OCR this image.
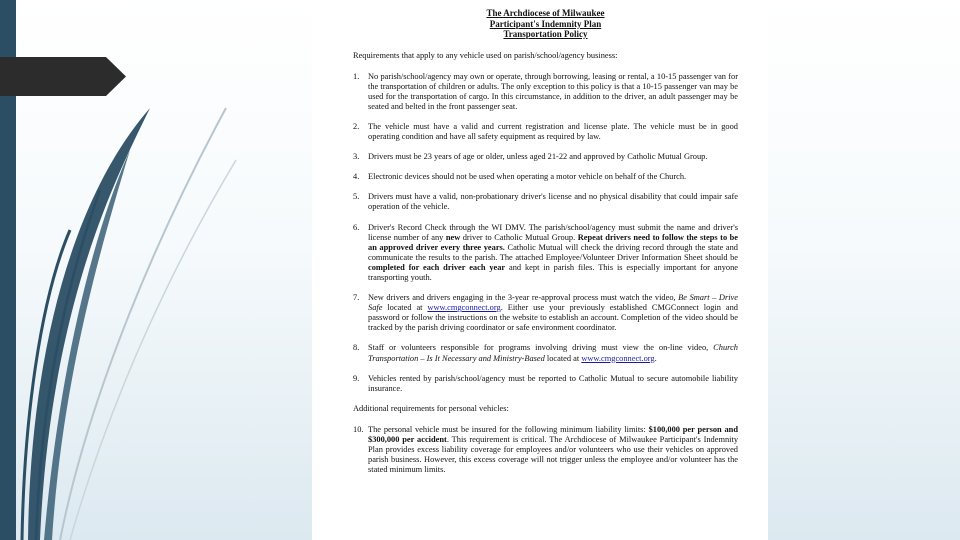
The Archdiocese of Milwaukee
Participant's Indemnity Plan
Transportation Policy

Requirements that apply to any vehicle used on parish/school/agency business:

1.	No parish/school/agency may own or operate, through borrowing, leasing or rental, a 10-15 passenger van for the transportation of children or adults. The only exception to this policy is that a 10-15 passenger van may be used for the transportation of cargo. In this circumstance, in addition to the driver, an adult passenger may be seated and belted in the front passenger seat.
2.	The vehicle must have a valid and current registration and license plate. The vehicle must be in good operating condition and have all safety equipment as required by law.
3.	Drivers must be 23 years of age or older, unless aged 21-22 and approved by Catholic Mutual Group.
4.	Electronic devices should not be used when operating a motor vehicle on behalf of the Church.
5.	Drivers must have a valid, non-probationary driver's license and no physical disability that could impair safe operation of the vehicle.
6.	Driver's Record Check through the WI DMV. The parish/school/agency must submit the name and driver's license number of any new driver to Catholic Mutual Group. Repeat drivers need to follow the steps to be an approved driver every three years. Catholic Mutual will check the driving record through the state and communicate the results to the parish. The attached Employee/Volunteer Driver Information Sheet should be completed for each driver each year and kept in parish files. This is especially important for anyone transporting youth.
7.	New drivers and drivers engaging in the 3-year re-approval process must watch the video, Be Smart – Drive Safe located at www.cmgconnect.org. Either use your previously established CMGConnect login and password or follow the instructions on the website to establish an account. Completion of the video should be tracked by the parish driving coordinator or safe environment coordinator.
8.	Staff or volunteers responsible for programs involving driving must view the on-line video, Church Transportation – Is It Necessary and Ministry-Based located at www.cmgconnect.org.
9.	Vehicles rented by parish/school/agency must be reported to Catholic Mutual to secure automobile liability insurance.

Additional requirements for personal vehicles:

10. The personal vehicle must be insured for the following minimum liability limits: $100,000 per person and $300,000 per accident. This requirement is critical. The Archdiocese of Milwaukee Participant's Indemnity Plan provides excess liability coverage for employees and/or volunteers who use their vehicles on approved parish business. However, this excess coverage will not trigger unless the employee and/or volunteer has the stated minimum limits.
